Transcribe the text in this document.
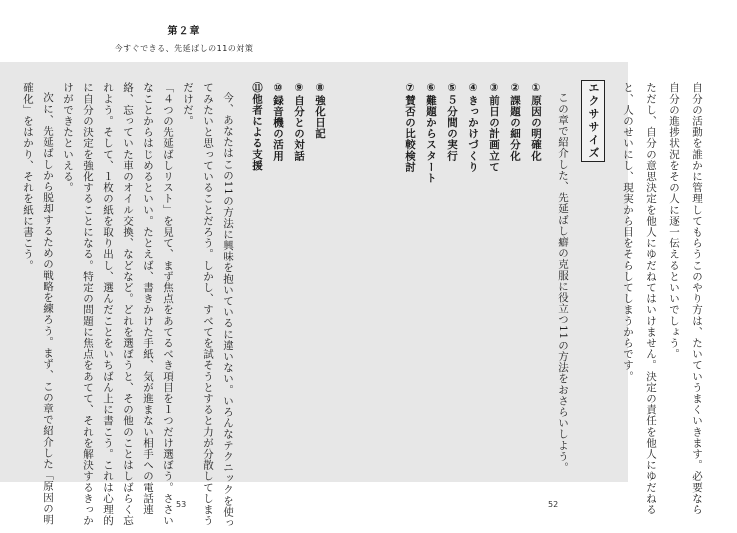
第２章
今すぐできる、先延ばしの11の対策
自分の活動を誰かに管理してもらうこのやり方は、たいていうまくいきます。必要なら
自分の進捗状況をその人に逐一伝えるといいでしょう。
ただし、自分の意思決定を他人にゆだねてはいけません。決定の責任を他人にゆだねる
と、人のせいにし、現実から目をそらしてしまうからです。
エクササイズ
この章で紹介した、先延ばし癖の克服に役立つ11の方法をおさらいしよう。
①原因の明確化
②課題の細分化
③前日の計画立て
④きっかけづくり
⑤５分間の実行
⑥難題からスタート
⑦賛否の比較検討
52
⑧強化日記
⑨自分との対話
⑩録音機の活用
⑪他者による支援
今、あなたはこの11の方法に興味を抱いているに違いない。いろんなテクニックを使っ
てみたいと思っていることだろう。しかし、すべてを試そうとすると力が分散してしまう
だけだ。
「４つの先延ばしリスト」を見て、まず焦点をあてるべき項目を１つだけ選ぼう。ささい
なことからはじめるといい。たとえば、書きかけた手紙、気が進まない相手への電話連
絡、忘っていた車のオイル交換、などなど。どれを選ぼうと、その他のことはしばらく忘
れよう。そして、１枚の紙を取り出し、選んだことをいちばん上に書こう。これは心理的
に自分の決定を強化することになる。特定の問題に焦点をあてて、それを解決するきっか
けができたといえる。
次に、先延ばしから脱却するための戦略を練ろう。まず、この章で紹介した「原因の明
確化」をはかり、それを紙に書こう。
53
